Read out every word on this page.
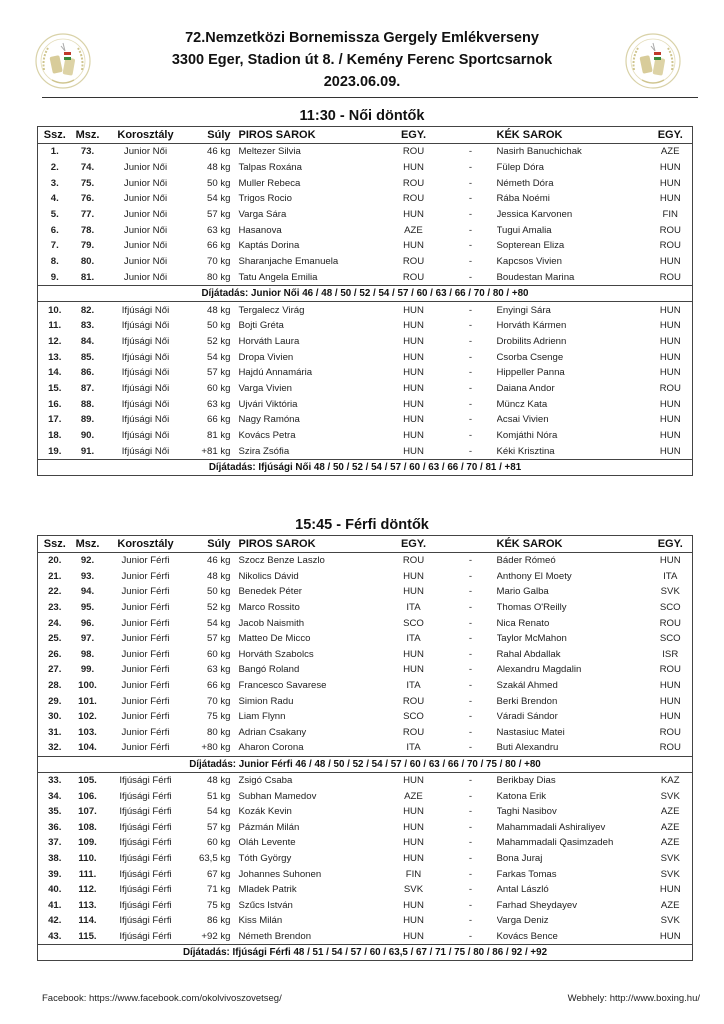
72.Nemzetközi Bornemissza Gergely Emlékverseny
3300 Eger, Stadion út 8. / Kemény Ferenc Sportcsarnok
2023.06.09.
11:30 - Női döntők
Ssz.	Msz.	Korosztály	Súly	PIROS SAROK	EGY.		KÉK SAROK	EGY.
1.	73.	Junior Női	46 kg	Meltezer Silvia	ROU	-	Nasirh Banuchichak	AZE
2.	74.	Junior Női	48 kg	Talpas Roxána	HUN	-	Fülep Dóra	HUN
3.	75.	Junior Női	50 kg	Muller Rebeca	ROU	-	Németh Dóra	HUN
4.	76.	Junior Női	54 kg	Trigos Rocio	ROU	-	Rába Noémi	HUN
5.	77.	Junior Női	57 kg	Varga Sára	HUN	-	Jessica Karvonen	FIN
6.	78.	Junior Női	63 kg	Hasanova	AZE	-	Tugui Amalia	ROU
7.	79.	Junior Női	66 kg	Kaptás Dorina	HUN	-	Sopterean Eliza	ROU
8.	80.	Junior Női	70 kg	Sharanjache Emanuela	ROU	-	Kapcsos Vivien	HUN
9.	81.	Junior Női	80 kg	Tatu Angela Emilia	ROU	-	Boudestan Marina	ROU
Díjátadás: Junior Női 46 / 48 / 50 / 52 / 54 / 57 / 60 / 63 / 66 / 70 / 80 / +80								
10.	82.	Ifjúsági Női	48 kg	Tergalecz Virág	HUN	-	Enyingi Sára	HUN
11.	83.	Ifjúsági Női	50 kg	Bojti Gréta	HUN	-	Horváth Kármen	HUN
12.	84.	Ifjúsági Női	52 kg	Horváth Laura	HUN	-	Drobilits Adrienn	HUN
13.	85.	Ifjúsági Női	54 kg	Dropa Vivien	HUN	-	Csorba Csenge	HUN
14.	86.	Ifjúsági Női	57 kg	Hajdú Annamária	HUN	-	Hippeller Panna	HUN
15.	87.	Ifjúsági Női	60 kg	Varga Vivien	HUN	-	Daiana Andor	ROU
16.	88.	Ifjúsági Női	63 kg	Ujvári Viktória	HUN	-	Müncz Kata	HUN
17.	89.	Ifjúsági Női	66 kg	Nagy Ramóna	HUN	-	Acsai Vivien	HUN
18.	90.	Ifjúsági Női	81 kg	Kovács Petra	HUN	-	Komjáthi Nóra	HUN
19.	91.	Ifjúsági Női	+81 kg	Szira Zsófia	HUN	-	Kéki Krisztina	HUN
Díjátadás: Ifjúsági Női 48 / 50 / 52 / 54 / 57 / 60 / 63 / 66 / 70 / 81 / +81								
15:45 - Férfi döntők
Ssz.	Msz.	Korosztály	Súly	PIROS SAROK	EGY.		KÉK SAROK	EGY.
20.	92.	Junior Férfi	46 kg	Szocz Benze Laszlo	ROU	-	Báder Rómeó	HUN
21.	93.	Junior Férfi	48 kg	Nikolics Dávid	HUN	-	Anthony El Moety	ITA
22.	94.	Junior Férfi	50 kg	Benedek Péter	HUN	-	Mario Galba	SVK
23.	95.	Junior Férfi	52 kg	Marco Rossito	ITA	-	Thomas O'Reilly	SCO
24.	96.	Junior Férfi	54 kg	Jacob Naismith	SCO	-	Nica Renato	ROU
25.	97.	Junior Férfi	57 kg	Matteo De Micco	ITA	-	Taylor McMahon	SCO
26.	98.	Junior Férfi	60 kg	Horváth Szabolcs	HUN	-	Rahal Abdallak	ISR
27.	99.	Junior Férfi	63 kg	Bangó Roland	HUN	-	Alexandru Magdalin	ROU
28.	100.	Junior Férfi	66 kg	Francesco Savarese	ITA	-	Szakál Ahmed	HUN
29.	101.	Junior Férfi	70 kg	Simion Radu	ROU	-	Berki Brendon	HUN
30.	102.	Junior Férfi	75 kg	Liam Flynn	SCO	-	Váradi Sándor	HUN
31.	103.	Junior Férfi	80 kg	Adrian Csakany	ROU	-	Nastasiuc Matei	ROU
32.	104.	Junior Férfi	+80 kg	Aharon Corona	ITA	-	Buti Alexandru	ROU
Díjátadás: Junior Férfi 46 / 48 / 50 / 52 / 54 / 57 / 60 / 63 / 66 / 70 / 75 / 80 / +80								
33.	105.	Ifjúsági Férfi	48 kg	Zsigó Csaba	HUN	-	Berikbay Dias	KAZ
34.	106.	Ifjúsági Férfi	51 kg	Subhan Mamedov	AZE	-	Katona Erik	SVK
35.	107.	Ifjúsági Férfi	54 kg	Kozák Kevin	HUN	-	Taghi Nasibov	AZE
36.	108.	Ifjúsági Férfi	57 kg	Pázmán Milán	HUN	-	Mahammadali Ashiraliyev	AZE
37.	109.	Ifjúsági Férfi	60 kg	Oláh Levente	HUN	-	Mahammadali Qasimzadeh	AZE
38.	110.	Ifjúsági Férfi	63,5 kg	Tóth György	HUN	-	Bona Juraj	SVK
39.	111.	Ifjúsági Férfi	67 kg	Johannes Suhonen	FIN	-	Farkas Tomas	SVK
40.	112.	Ifjúsági Férfi	71 kg	Mladek Patrik	SVK	-	Antal László	HUN
41.	113.	Ifjúsági Férfi	75 kg	Szűcs István	HUN	-	Farhad Sheydayev	AZE
42.	114.	Ifjúsági Férfi	86 kg	Kiss Milán	HUN	-	Varga Deniz	SVK
43.	115.	Ifjúsági Férfi	+92 kg	Németh Brendon	HUN	-	Kovács Bence	HUN
Díjátadás: Ifjúsági Férfi 48 / 51 / 54 / 57 / 60 / 63,5 / 67 / 71 / 75 / 80 / 86 / 92 / +92								
Facebook: https://www.facebook.com/okolvivoszovetseg/	Webhely: http://www.boxing.hu/
